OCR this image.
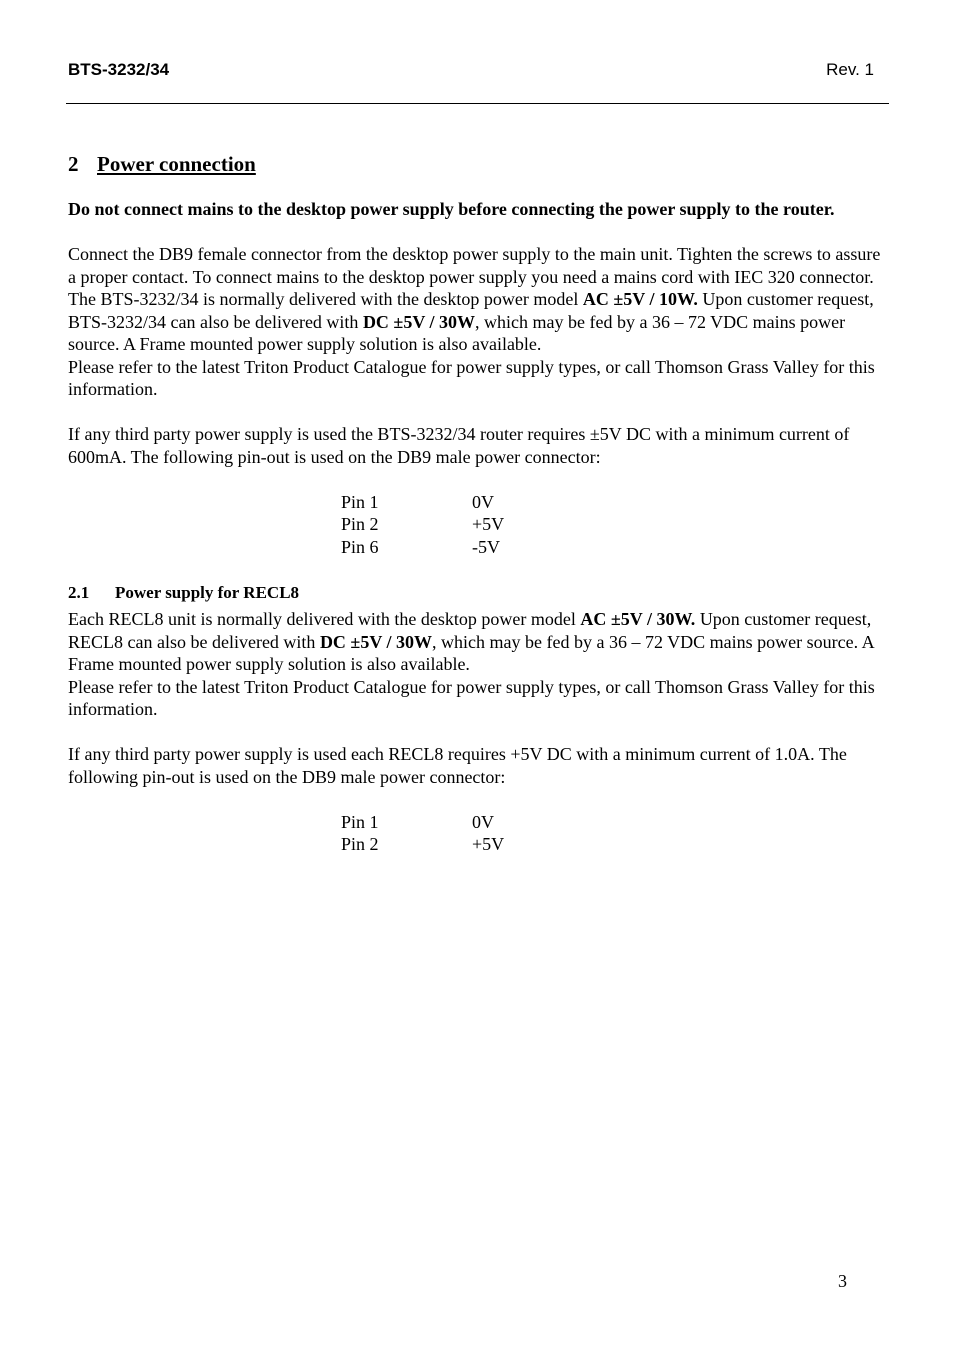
BTS-3232/34	Rev. 1
2 Power connection

Do not connect mains to the desktop power supply before connecting the power supply to the router.

Connect the DB9 female connector from the desktop power supply to the main unit. Tighten the screws to assure a proper contact. To connect mains to the desktop power supply you need a mains cord with IEC 320 connector.

The BTS-3232/34 is normally delivered with the desktop power model AC ±5V / 10W. Upon customer request, BTS-3232/34 can also be delivered with DC ±5V / 30W, which may be fed by a 36 – 72 VDC mains power source. A Frame mounted power supply solution is also available.

Please refer to the latest Triton Product Catalogue for power supply types, or call Thomson Grass Valley for this information.

If any third party power supply is used the BTS-3232/34 router requires ±5V DC with a minimum current of 600mA. The following pin-out is used on the DB9 male power connector:

Pin 1	0V
Pin 2	+5V
Pin 6	-5V
2.1 Power supply for RECL8

Each RECL8 unit is normally delivered with the desktop power model AC ±5V / 30W. Upon customer request, RECL8 can also be delivered with DC ±5V / 30W, which may be fed by a 36 – 72 VDC mains power source. A Frame mounted power supply solution is also available.

Please refer to the latest Triton Product Catalogue for power supply types, or call Thomson Grass Valley for this information.

If any third party power supply is used each RECL8 requires +5V DC with a minimum current of 1.0A. The following pin-out is used on the DB9 male power connector:

Pin 1	0V
Pin 2	+5V
3
